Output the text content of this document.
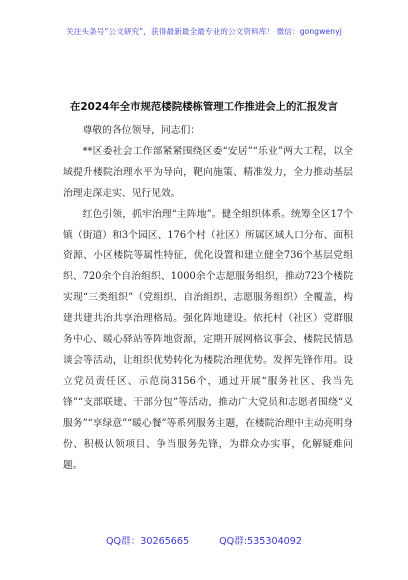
关注头条号“公文研究”，获得最新最全最专业的公文资料库！ 微信：gongwenyj
在2024年全市规范楼院楼栋管理工作推进会上的汇报发言

尊敬的各位领导，同志们：

**区委社会工作部紧紧围绕区委“安居”“乐业”两大工程，以全域提升楼院治理水平为导向，靶向施策、精准发力，全力推动基层治理走深走实、见行见效。

红色引领，抓牢治理“主阵地”。健全组织体系。统筹全区17个镇（街道）和3个园区、176个村（社区）所属区域人口分布、面积资源、小区楼院等属性特征，优化设置和建立健全736个基层党组织、720余个自治组织、1000余个志愿服务组织，推动723个楼院实现“三类组织”（党组织、自治组织、志愿服务组织）全覆盖，构建共建共治共享治理格局。强化阵地建设。依托村（社区）党群服务中心、暖心驿站等阵地资源，定期开展网格议事会、楼院民情恳谈会等活动，让组织优势转化为楼院治理优势。发挥先锋作用。设立党员责任区、示范岗3156个，通过开展“服务社区、我当先锋”“支部联建、干部分包”等活动，推动广大党员和志愿者围绕“义服务”“享绿意”“暖心餐”等系列服务主题，在楼院治理中主动亮明身份、积极认领项目、争当服务先锋，为群众办实事，化解疑难问题。

QQ群：30265665	QQ群:535304092
